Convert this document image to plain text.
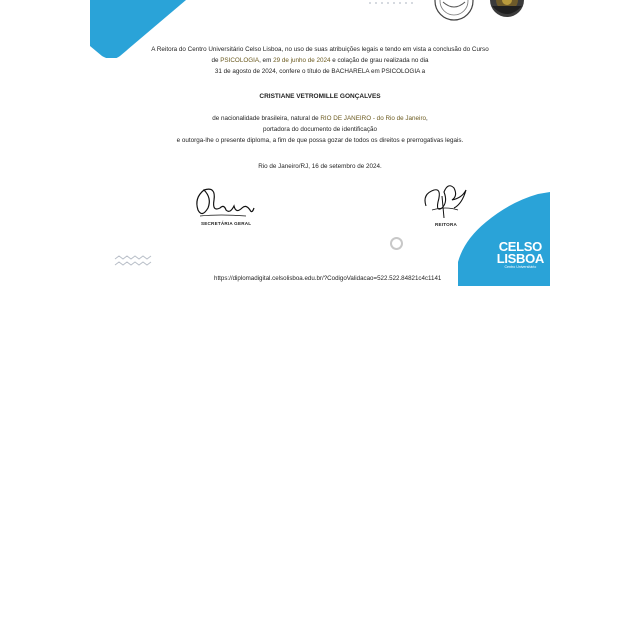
A Reitora do Centro Universitário Celso Lisboa, no uso de suas atribuições legais e tendo em vista a conclusão do Curso
de PSICOLOGIA, em 29 de junho de 2024 e colação de grau realizada no dia
31 de agosto de 2024, confere o título de BACHARELA em PSICOLOGIA a
CRISTIANE VETROMILLE GONÇALVES
de nacionalidade brasileira, natural de RIO DE JANEIRO - do Rio de Janeiro,
portadora do documento de identificação
e outorga-lhe o presente diploma, a fim de que possa gozar de todos os direitos e prerrogativas legais.
Rio de Janeiro/RJ, 16 de setembro de 2024.
SECRETÁRIA GERAL	REITORA
https://diplomadigital.celsolisboa.edu.br/?CodigoValidacao=522.522.84821c4c1141
CELSO
LISBOA
Centro Universitário
